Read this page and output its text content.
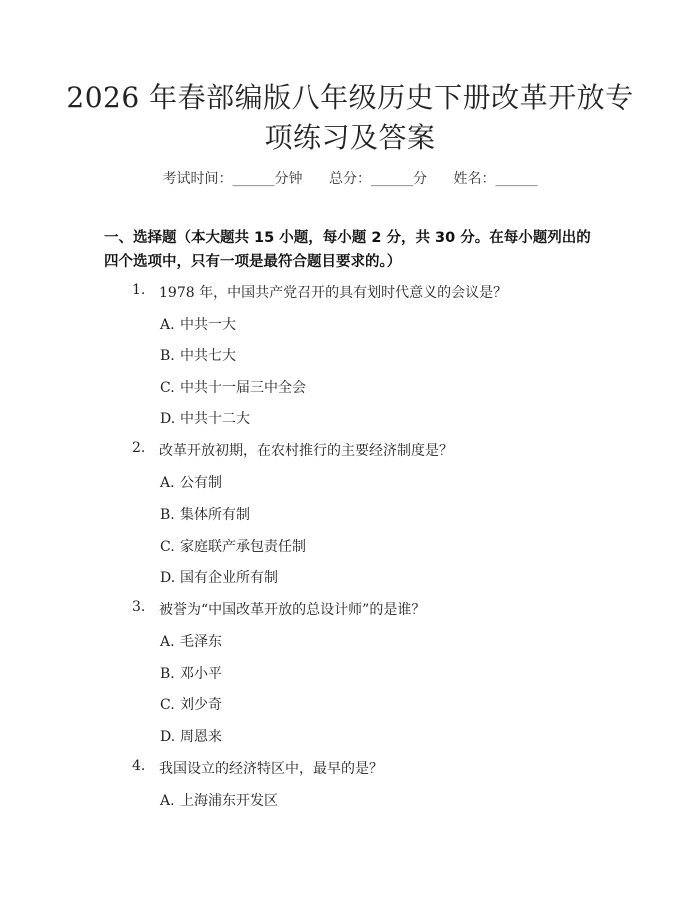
2026 年春部编版八年级历史下册改革开放专
项练习及答案
考试时间：______分钟 总分：______分 姓名：______
一、选择题（本大题共 15 小题，每小题 2 分，共 30 分。在每小题列出的四个选项中，只有一项是最符合题目要求的。）
1. 1978 年，中国共产党召开的具有划时代意义的会议是？
A. 中共一大
B. 中共七大
C. 中共十一届三中全会
D. 中共十二大
2. 改革开放初期，在农村推行的主要经济制度是？
A. 公有制
B. 集体所有制
C. 家庭联产承包责任制
D. 国有企业所有制
3. 被誉为“中国改革开放的总设计师”的是谁？
A. 毛泽东
B. 邓小平
C. 刘少奇
D. 周恩来
4. 我国设立的经济特区中，最早的是？
A. 上海浦东开发区
